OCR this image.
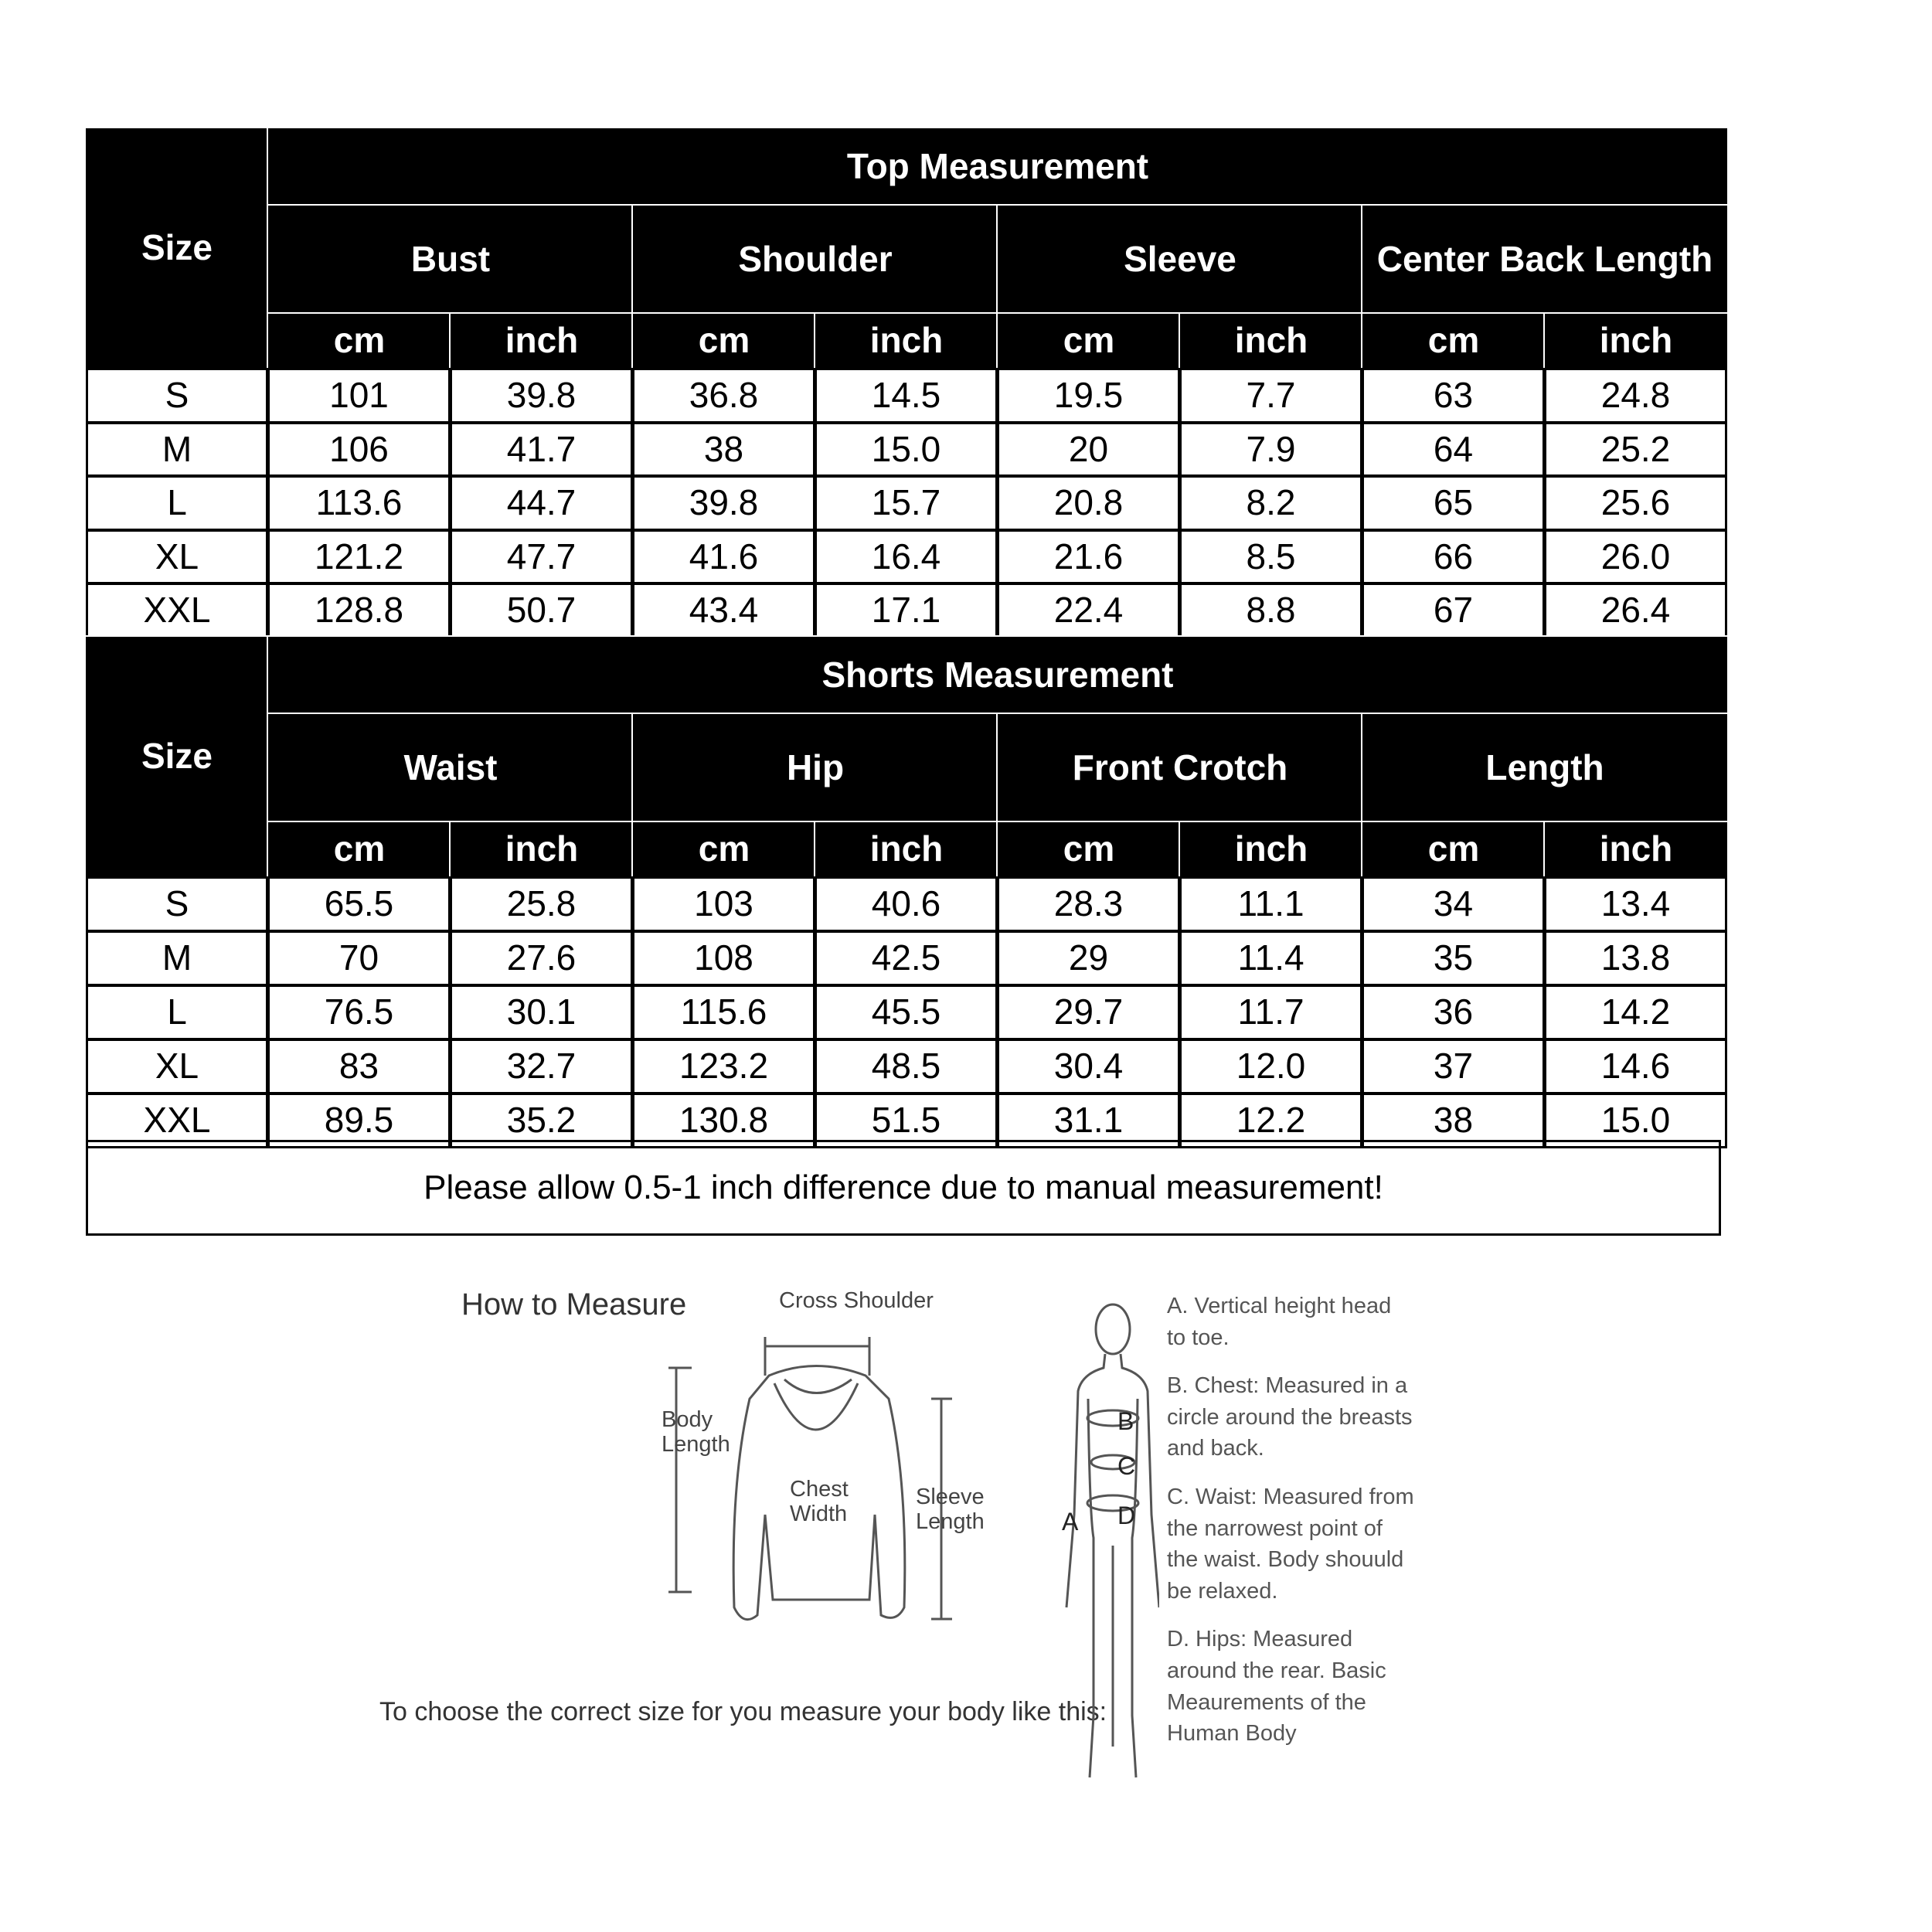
Size
Top Measurement
Bust	Shoulder	Sleeve	Center Back Length
cm	inch	cm	inch	cm	inch	cm	inch
S	101	39.8	36.8	14.5	19.5	7.7	63	24.8
M	106	41.7	38	15.0	20	7.9	64	25.2
L	113.6	44.7	39.8	15.7	20.8	8.2	65	25.6
XL	121.2	47.7	41.6	16.4	21.6	8.5	66	26.0
XXL	128.8	50.7	43.4	17.1	22.4	8.8	67	26.4
Size
Shorts Measurement
Waist	Hip	Front Crotch	Length
cm	inch	cm	inch	cm	inch	cm	inch
S	65.5	25.8	103	40.6	28.3	11.1	34	13.4
M	70	27.6	108	42.5	29	11.4	35	13.8
L	76.5	30.1	115.6	45.5	29.7	11.7	36	14.2
XL	83	32.7	123.2	48.5	30.4	12.0	37	14.6
XXL	89.5	35.2	130.8	51.5	31.1	12.2	38	15.0
Please allow 0.5-1 inch difference due to manual measurement!
How to Measure	Cross Shoulder
Body Length
Chest Width
Sleeve Length
To choose the correct size for you measure your body like this:
B
C
A D

A. Vertical height head to toe.

B. Chest: Measured in a circle around the breasts and back.

C. Waist: Measured from the narrowest point of the waist. Body shouuld be relaxed.

D. Hips: Measured around the rear. Basic Meaurements of the Human Body
